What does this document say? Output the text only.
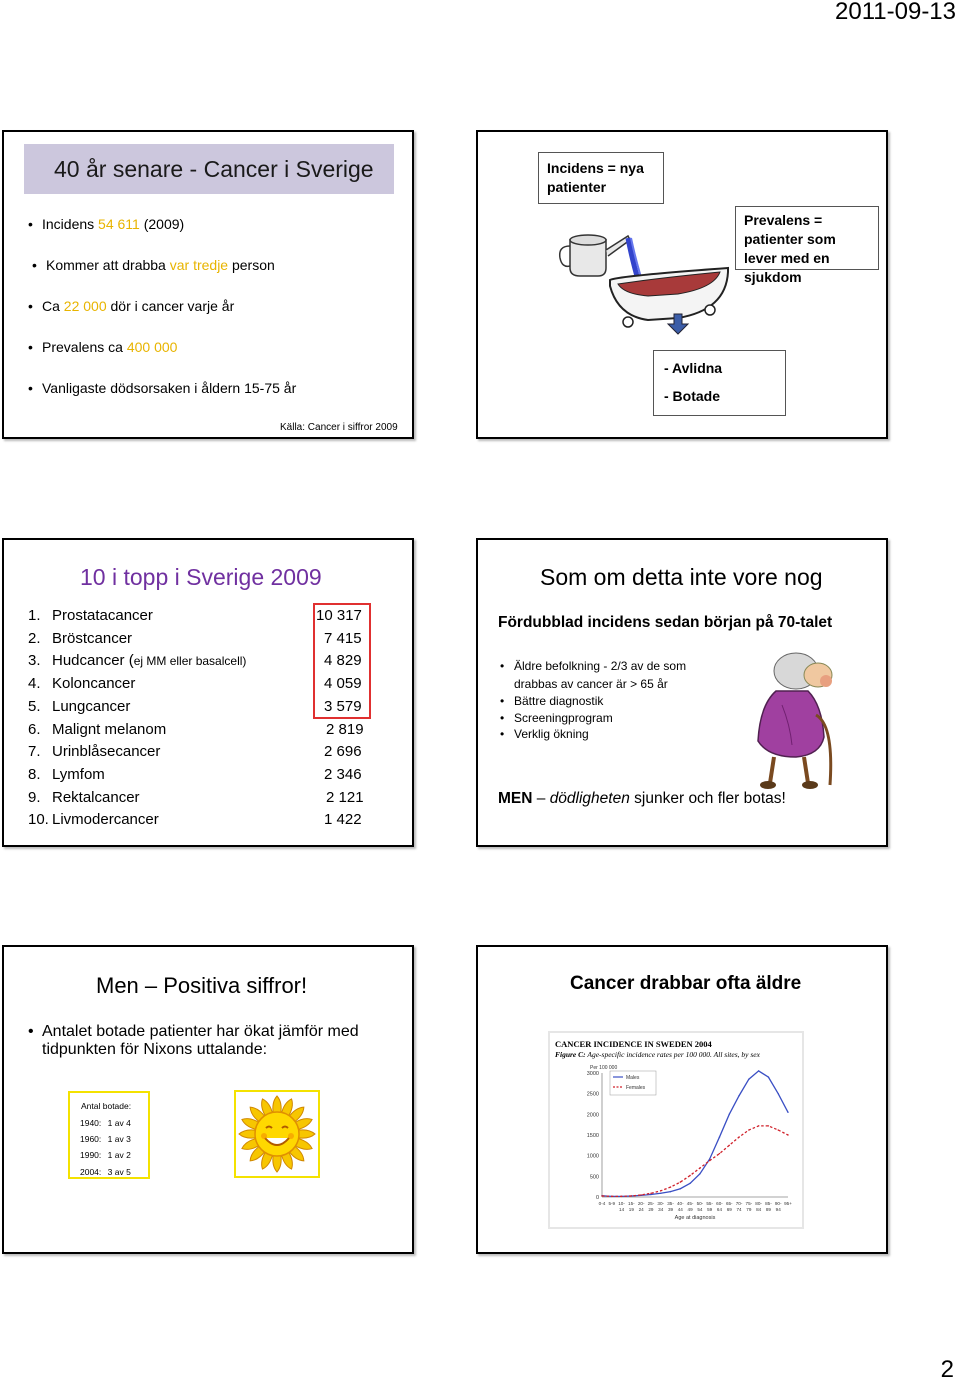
2011-09-13
40 år senare - Cancer i Sverige
• Incidens 54 611 (2009)
• Kommer att drabba var tredje person
• Ca 22 000 dör i cancer varje år
• Prevalens ca 400 000
• Vanligaste dödsorsaken i åldern 15-75 år
Källa: Cancer i siffror 2009
Incidens = nya patienter
Prevalens = patienter som lever med en sjukdom
- Avlidna
- Botade
10 i topp i Sverige 2009
1. Prostatacancer	10 317
2. Bröstcancer	7 415
3. Hudcancer (ej MM eller basalcell)	4 829
4. Koloncancer	4 059
5. Lungcancer	3 579
6. Malignt melanom	2 819
7. Urinblåsecancer	2 696
8. Lymfom	2 346
9. Rektalcancer	2 121
10. Livmodercancer	1 422
Som om detta inte vore nog
Fördubblad incidens sedan början på 70-talet
• Äldre befolkning - 2/3 av de som
drabbas av cancer är > 65 år
• Bättre diagnostik
• Screeningprogram
• Verklig ökning
MEN – dödligheten sjunker och fler botas!
Men – Positiva siffror!
• Antalet botade patienter har ökat jämför med
tidpunkten för Nixons uttalande:
Antal botade:
1940: 1 av 4
1960: 1 av 3
1990: 1 av 2
2004: 3 av 5
Cancer drabbar ofta äldre
CANCER INCIDENCE IN SWEDEN 2004
Figure C: Age-specific incidence rates per 100 000. All sites, by sex
0
500
1000
1500
2000
2500
3000
Per 100 000
0-4 5-9 10-
14
15-
19
20-
24
25-
29
30-
34
35-
39
40-
44
45-
49
50-
54
55-
59
60-
64
65-
69
70-
74
75-
79
80-
84
85-
89
90-
94
95+
Age at diagnosis
Males
Females
2
